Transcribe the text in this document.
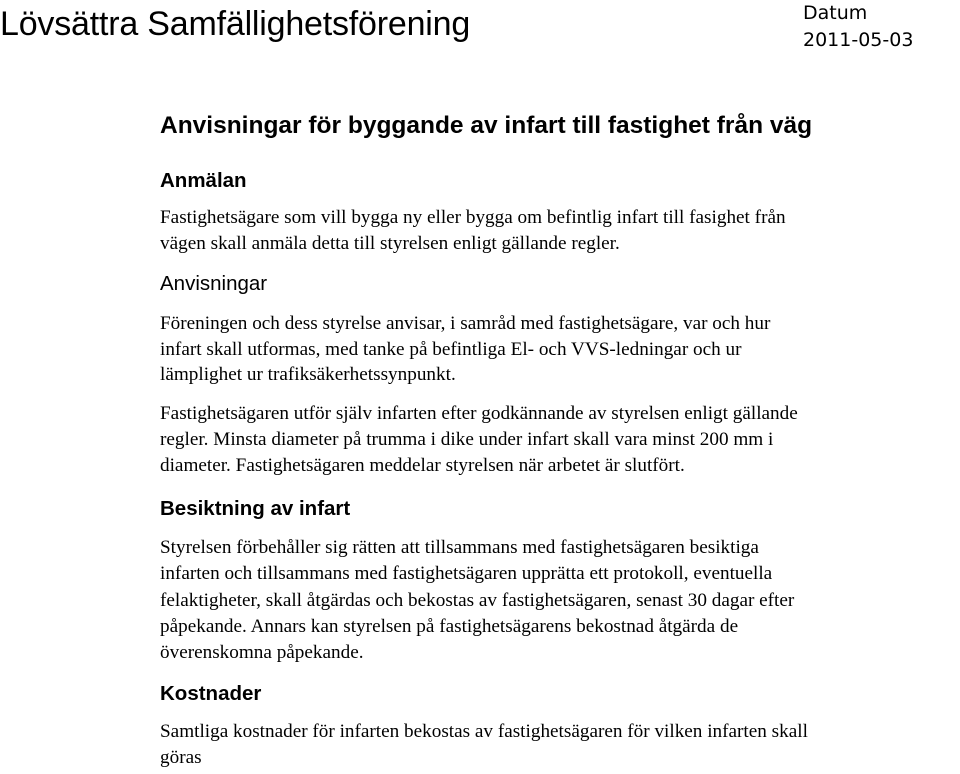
Lövsättra Samfällighetsförening	Datum
2011-05-03
Anvisningar för byggande av infart till fastighet från väg
Anmälan

Fastighetsägare som vill bygga ny eller bygga om befintlig infart till fasighet från

vägen skall anmäla detta till styrelsen enligt gällande regler.

Anvisningar

Föreningen och dess styrelse anvisar, i samråd med fastighetsägare, var och hur

infart skall utformas, med tanke på befintliga El- och VVS-ledningar och ur

lämplighet ur trafiksäkerhetssynpunkt.

Fastighetsägaren utför själv infarten efter godkännande av styrelsen enligt gällande

regler. Minsta diameter på trumma i dike under infart skall vara minst 200 mm i

diameter. Fastighetsägaren meddelar styrelsen när arbetet är slutfört.

Besiktning av infart

Styrelsen förbehåller sig rätten att tillsammans med fastighetsägaren besiktiga

infarten och tillsammans med fastighetsägaren upprätta ett protokoll, eventuella

felaktigheter, skall åtgärdas och bekostas av fastighetsägaren, senast 30 dagar efter

påpekande. Annars kan styrelsen på fastighetsägarens bekostnad åtgärda de

överenskomna påpekande.

Kostnader

Samtliga kostnader för infarten bekostas av fastighetsägaren för vilken infarten skall

göras
